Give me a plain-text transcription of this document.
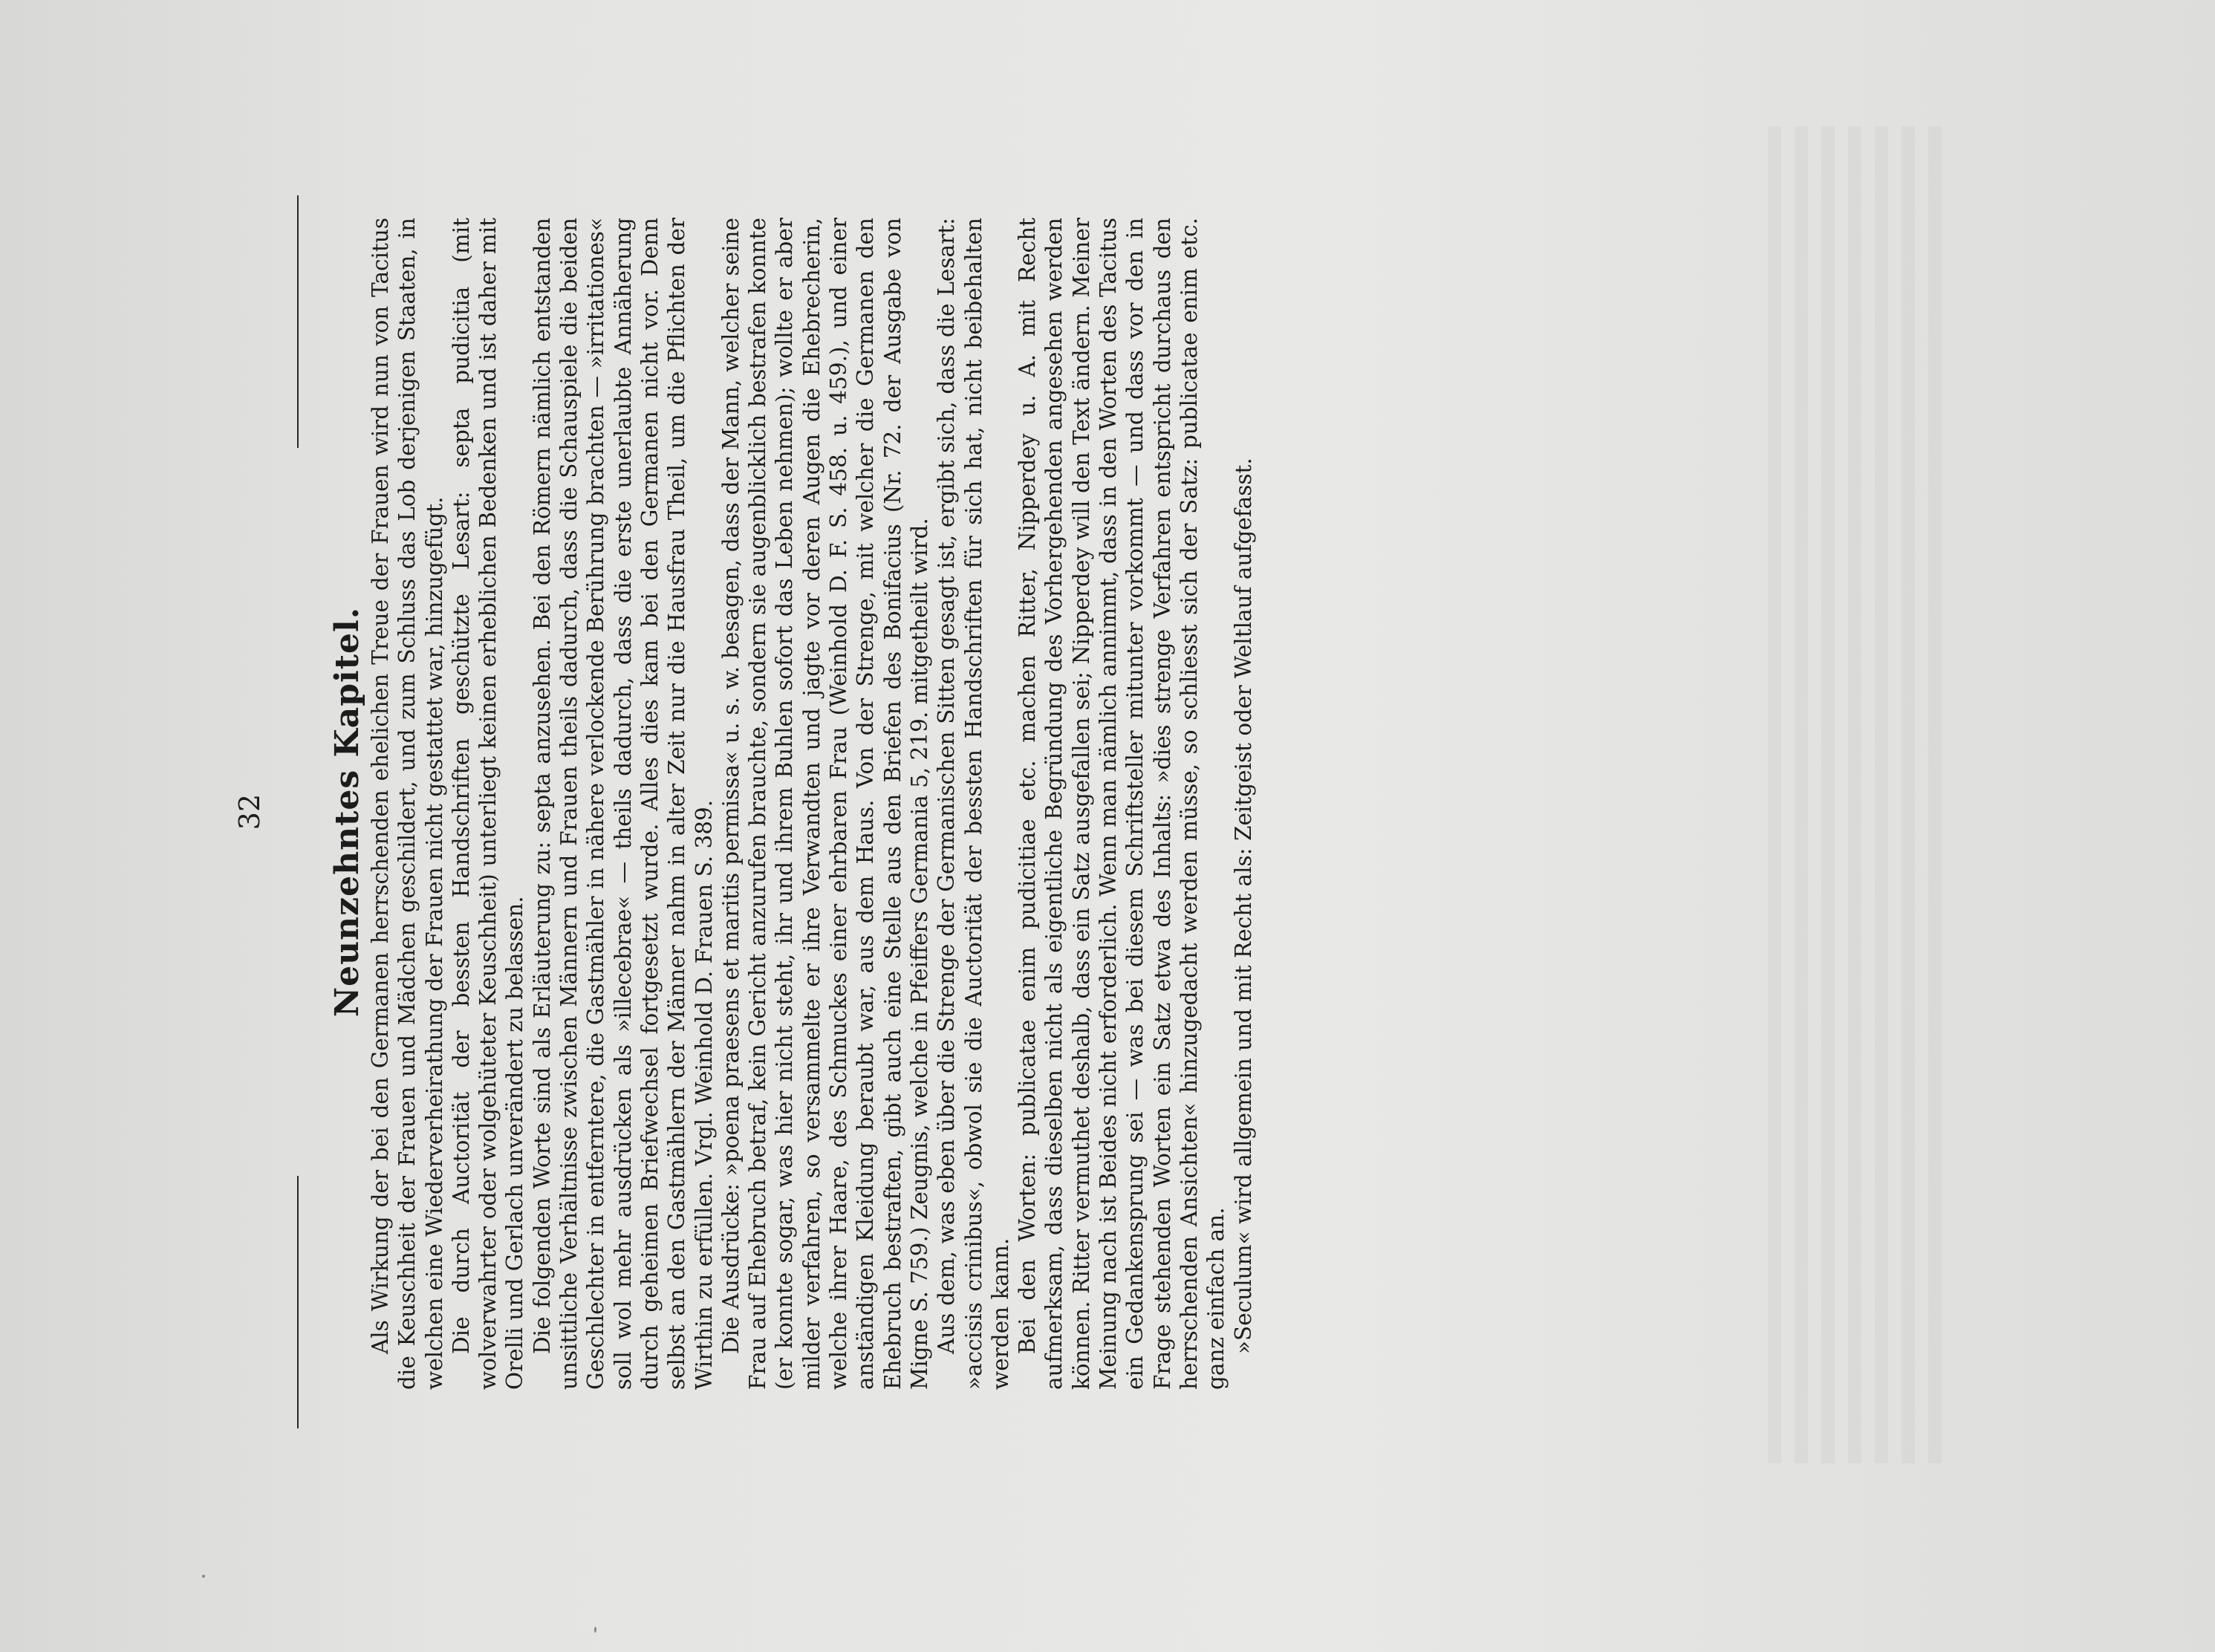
32 Neunzehntes Kapitel. Als Wirkung der bei den Germanen herrschenden ehelichen Treue der Frauen wird nun von Tacitus die Keuschheit der Frauen und Mädchen geschildert, und zum Schluss das Lob derjenigen Staaten, in welchen eine Wiederverheirathung der Frauen nicht gestattet war, hinzugefügt. Die durch Auctorität der bessten Handschriften geschützte Lesart: septa pudicitia (mit wolverwahrter oder wolgehüteter Keuschheit) unterliegt keinen erheblichen Bedenken und ist daher mit Orelli und Gerlach unverändert zu belassen. Die folgenden Worte sind als Erläuterung zu: septa anzusehen. Bei den Römern nämlich entstanden unsittliche Verhältnisse zwischen Männern und Frauen theils dadurch, dass die Schauspiele die beiden Geschlechter in entferntere, die Gastmähler in nähere verlockende Berührung brachten — »irritationes« soll wol mehr ausdrücken als »illecebrae« — theils dadurch, dass die erste unerlaubte Annäherung durch geheimen Briefwechsel fortgesetzt wurde. Alles dies kam bei den Germanen nicht vor. Denn selbst an den Gastmählern der Männer nahm in alter Zeit nur die Hausfrau Theil, um die Pflichten der Wirthin zu erfüllen. Vrgl. Weinhold D. Frauen S. 389. Die Ausdrücke: »poena praesens et maritis permissa« u. s. w. besagen, dass der Mann, welcher seine Frau auf Ehebruch betraf, kein Gericht anzurufen brauchte, sondern sie augenblicklich bestrafen konnte (er konnte sogar, was hier nicht steht, ihr und ihrem Buhlen sofort das Leben nehmen); wollte er aber milder verfahren, so versammelte er ihre Verwandten und jagte vor deren Augen die Ehebrecherin, welche ihrer Haare, des Schmuckes einer ehrbaren Frau (Weinhold D. F. S. 458. u. 459.), und einer anständigen Kleidung beraubt war, aus dem Haus. Von der Strenge, mit welcher die Germanen den Ehebruch bestraften, gibt auch eine Stelle aus den Briefen des Bonifacius (Nr. 72. der Ausgabe von Migne S. 759.) Zeugnis, welche in Pfeiffers Germania 5, 219. mitgetheilt wird. Aus dem, was eben über die Strenge der Germanischen Sitten gesagt ist, ergibt sich, dass die Lesart: »accisis crinibus«, obwol sie die Auctorität der bessten Handschriften für sich hat, nicht beibehalten werden kann. Bei den Worten: publicatae enim pudicitiae etc. machen Ritter, Nipperdey u. A. mit Recht aufmerksam, dass dieselben nicht als eigentliche Begründung des Vorhergehenden angesehen werden können. Ritter vermuthet deshalb, dass ein Satz ausgefallen sei; Nipperdey will den Text ändern. Meiner Meinung nach ist Beides nicht erforderlich. Wenn man nämlich annimmt, dass in den Worten des Tacitus ein Gedankensprung sei — was bei diesem Schriftsteller mitunter vorkommt — und dass vor den in Frage stehenden Worten ein Satz etwa des Inhalts: »dies strenge Verfahren entspricht durchaus den herrschenden Ansichten« hinzugedacht werden müsse, so schliesst sich der Satz: publicatae enim etc. ganz einfach an. »Seculum« wird allgemein und mit Recht als: Zeitgeist oder Weltlauf aufgefasst.
